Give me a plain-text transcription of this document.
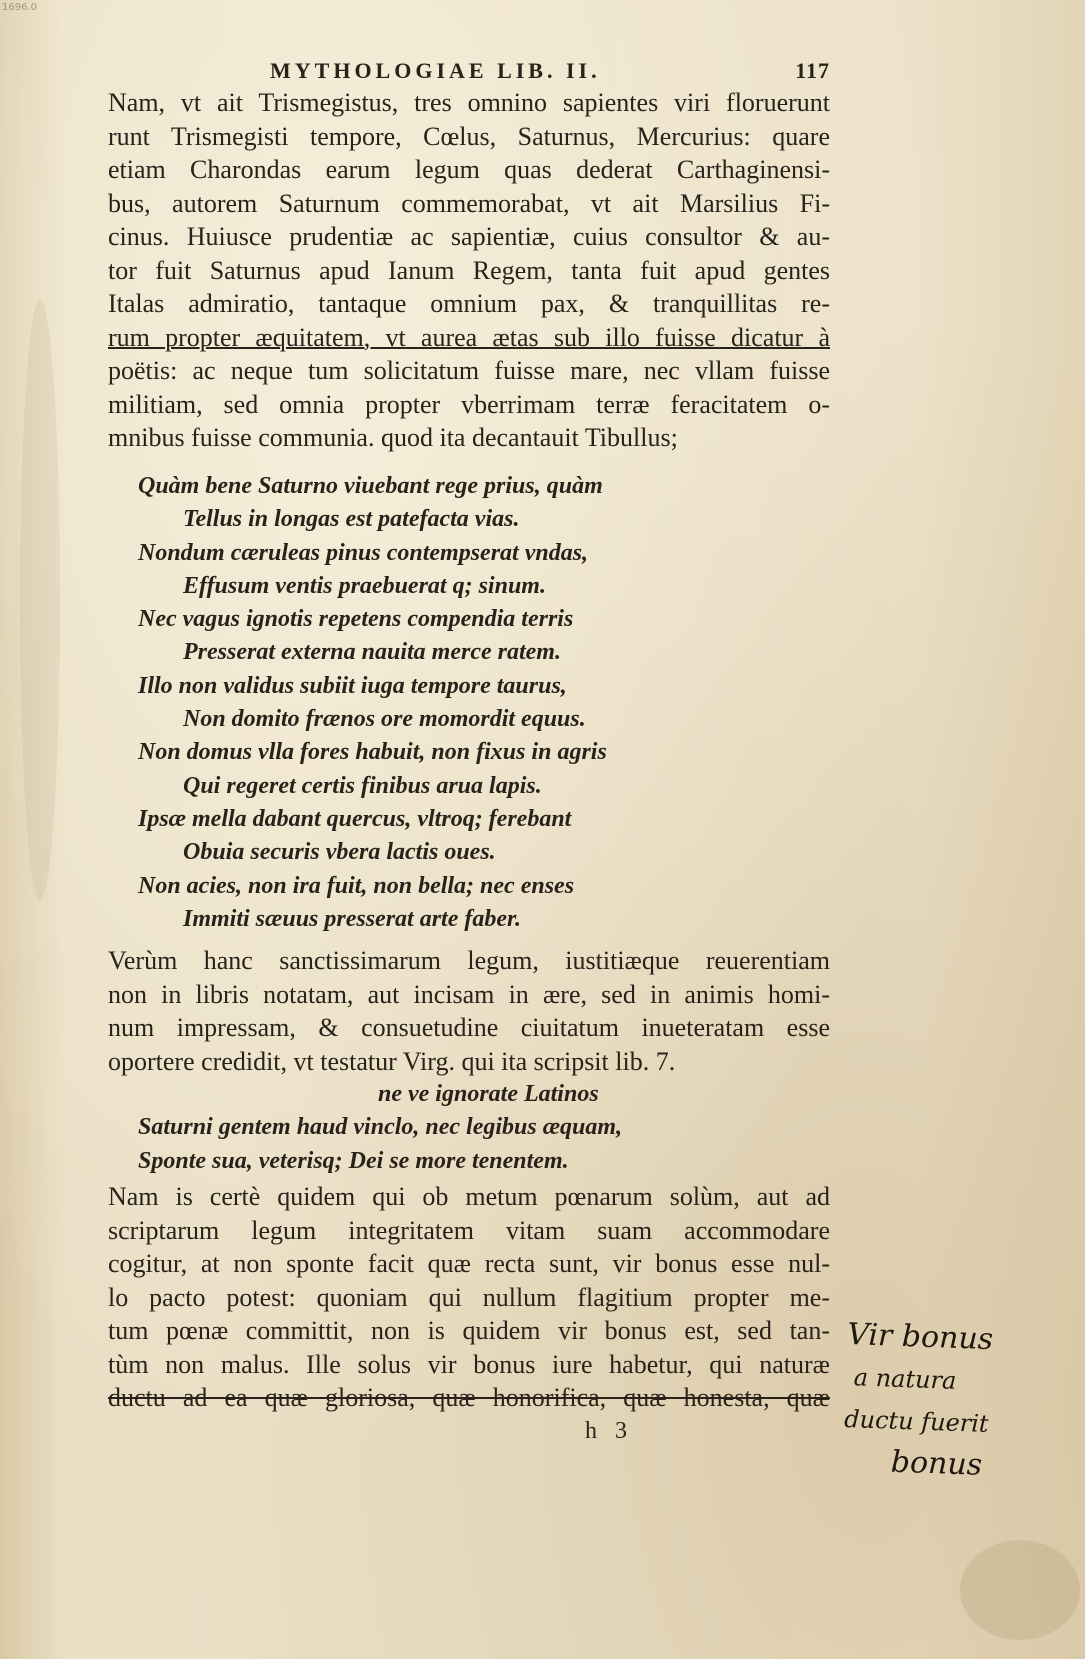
1696.0
MYTHOLOGIAE LIB. II.	117
Nam, vt ait Trismegistus, tres omnino sapientes viri floruerunt
runt Trismegisti tempore, Cœlus, Saturnus, Mercurius: quare
etiam Charondas earum legum quas dederat Carthaginensi-
bus, autorem Saturnum commemorabat, vt ait Marsilius Fi-
cinus. Huiusce prudentiæ ac sapientiæ, cuius consultor & au-
tor fuit Saturnus apud Ianum Regem, tanta fuit apud gentes
Italas admiratio, tantaque omnium pax, & tranquillitas re-
rum propter æquitatem, vt aurea ætas sub illo fuisse dicatur à
poëtis: ac neque tum solicitatum fuisse mare, nec vllam fuisse
militiam, sed omnia propter vberrimam terræ feracitatem o-
mnibus fuisse communia. quod ita decantauit Tibullus;
Quàm bene Saturno viuebant rege prius, quàm
Tellus in longas est patefacta vias.
Nondum cæruleas pinus contempserat vndas,
Effusum ventis praebuerat q; sinum.
Nec vagus ignotis repetens compendia terris
Presserat externa nauita merce ratem.
Illo non validus subiit iuga tempore taurus,
Non domito frænos ore momordit equus.
Non domus vlla fores habuit, non fixus in agris
Qui regeret certis finibus arua lapis.
Ipsæ mella dabant quercus, vltroq; ferebant
Obuia securis vbera lactis oues.
Non acies, non ira fuit, non bella; nec enses
Immiti sæuus presserat arte faber.
Verùm hanc sanctissimarum legum, iustitiæque reuerentiam
non in libris notatam, aut incisam in ære, sed in animis homi-
num impressam, & consuetudine ciuitatum inueteratam esse
oportere credidit, vt testatur Virg. qui ita scripsit lib. 7.
ne ve ignorate Latinos
Saturni gentem haud vinclo, nec legibus æquam,
Sponte sua, veterisq; Dei se more tenentem.
Nam is certè quidem qui ob metum pœnarum solùm, aut ad
scriptarum legum integritatem vitam suam accommodare
cogitur, at non sponte facit quæ recta sunt, vir bonus esse nul-
lo pacto potest: quoniam qui nullum flagitium propter me-
tum pœnæ committit, non is quidem vir bonus est, sed tan-
tùm non malus. Ille solus vir bonus iure habetur, qui naturæ
ductu ad ea quæ gloriosa, quæ honorifica, quæ honesta, quæ
h 3
Vir bonus
a natura
ductu fuerit
bonus
